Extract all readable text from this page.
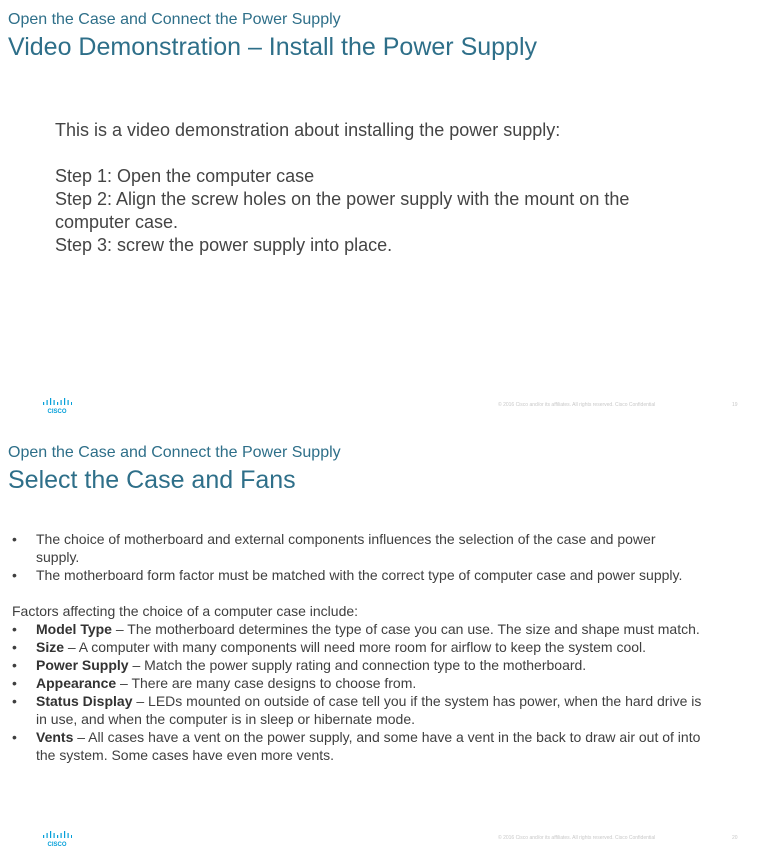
Open the Case and Connect the Power Supply
Video Demonstration – Install the Power Supply
This is a video demonstration about installing the power supply:
Step 1: Open the computer case
Step 2: Align the screw holes on the power supply with the mount on the computer case.
Step 3: screw the power supply into place.
CISCO
© 2016 Cisco and/or its affiliates. All rights reserved. Cisco Confidential	19
Open the Case and Connect the Power Supply
Select the Case and Fans
• The choice of motherboard and external components influences the selection of the case and power supply.
• The motherboard form factor must be matched with the correct type of computer case and power supply.
Factors affecting the choice of a computer case include:
• Model Type – The motherboard determines the type of case you can use. The size and shape must match.
• Size – A computer with many components will need more room for airflow to keep the system cool.
• Power Supply – Match the power supply rating and connection type to the motherboard.
• Appearance – There are many case designs to choose from.
• Status Display – LEDs mounted on outside of case tell you if the system has power, when the hard drive is in use, and when the computer is in sleep or hibernate mode.
• Vents – All cases have a vent on the power supply, and some have a vent in the back to draw air out of into the system. Some cases have even more vents.
CISCO
© 2016 Cisco and/or its affiliates. All rights reserved. Cisco Confidential	20
